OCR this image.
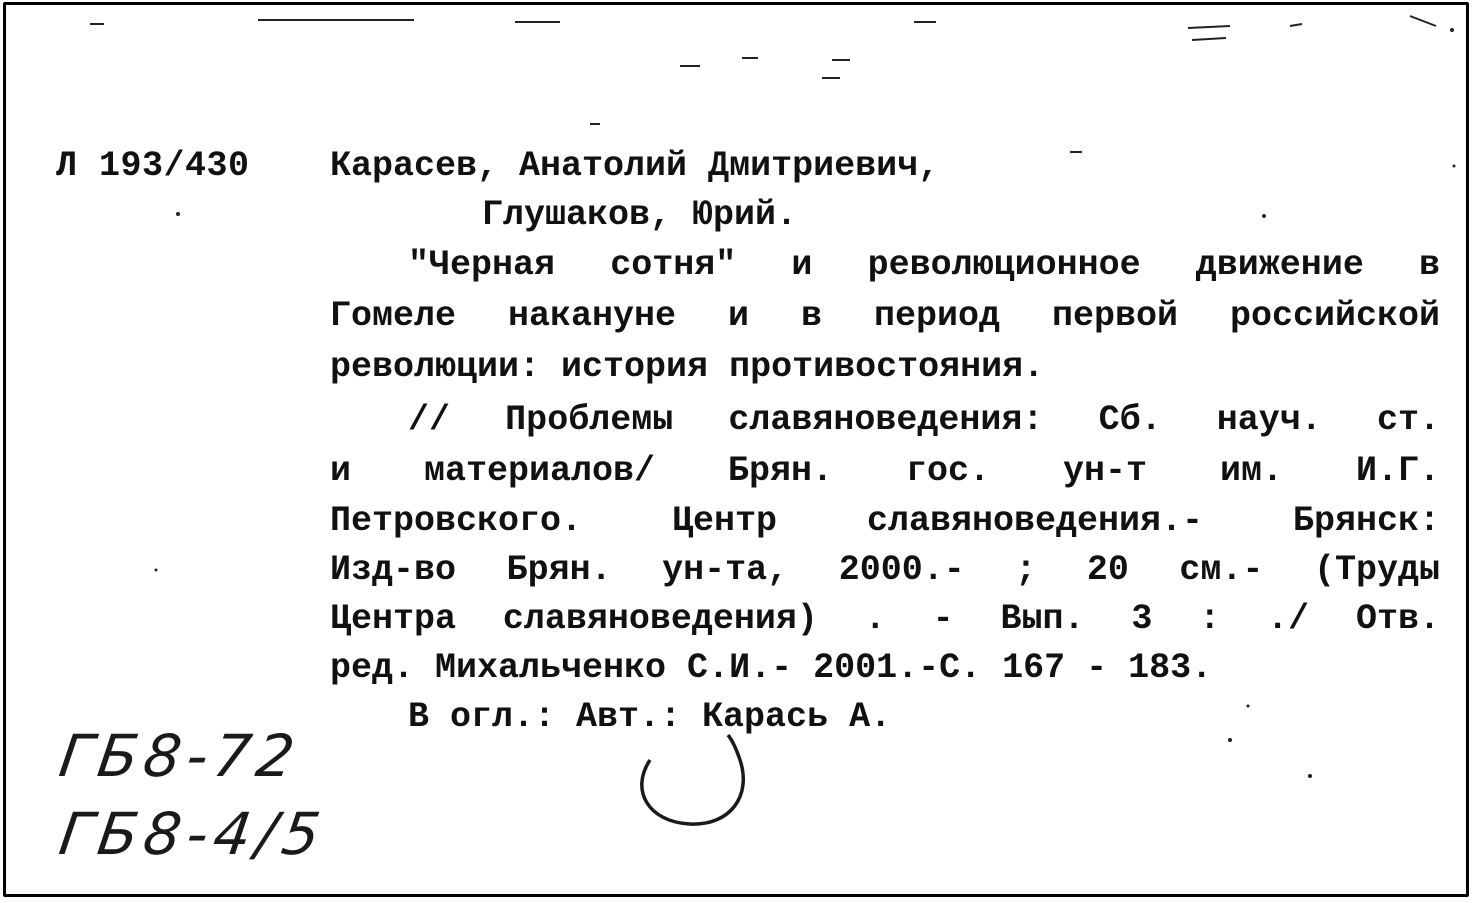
Л 193/430 Карасев, Анатолий Дмитриевич,
Глушаков, Юрий.
"Черная сотня" и революционное движение в
Гомеле накануне и в период первой российской
революции: история противостояния.
// Проблемы славяноведения: Сб. науч. ст.
и материалов/ Брян. гос. ун-т им. И.Г.
Петровского. Центр славяноведения.- Брянск:
Изд-во Брян. ун-та, 2000.- ; 20 см.- (Труды
Центра славяноведения) . - Вып. 3 : ./ Отв.
ред. Михальченко С.И.- 2001.-С. 167 - 183.
В огл.: Авт.: Карась А.
ГБ8-72
ГБ8-4/5
